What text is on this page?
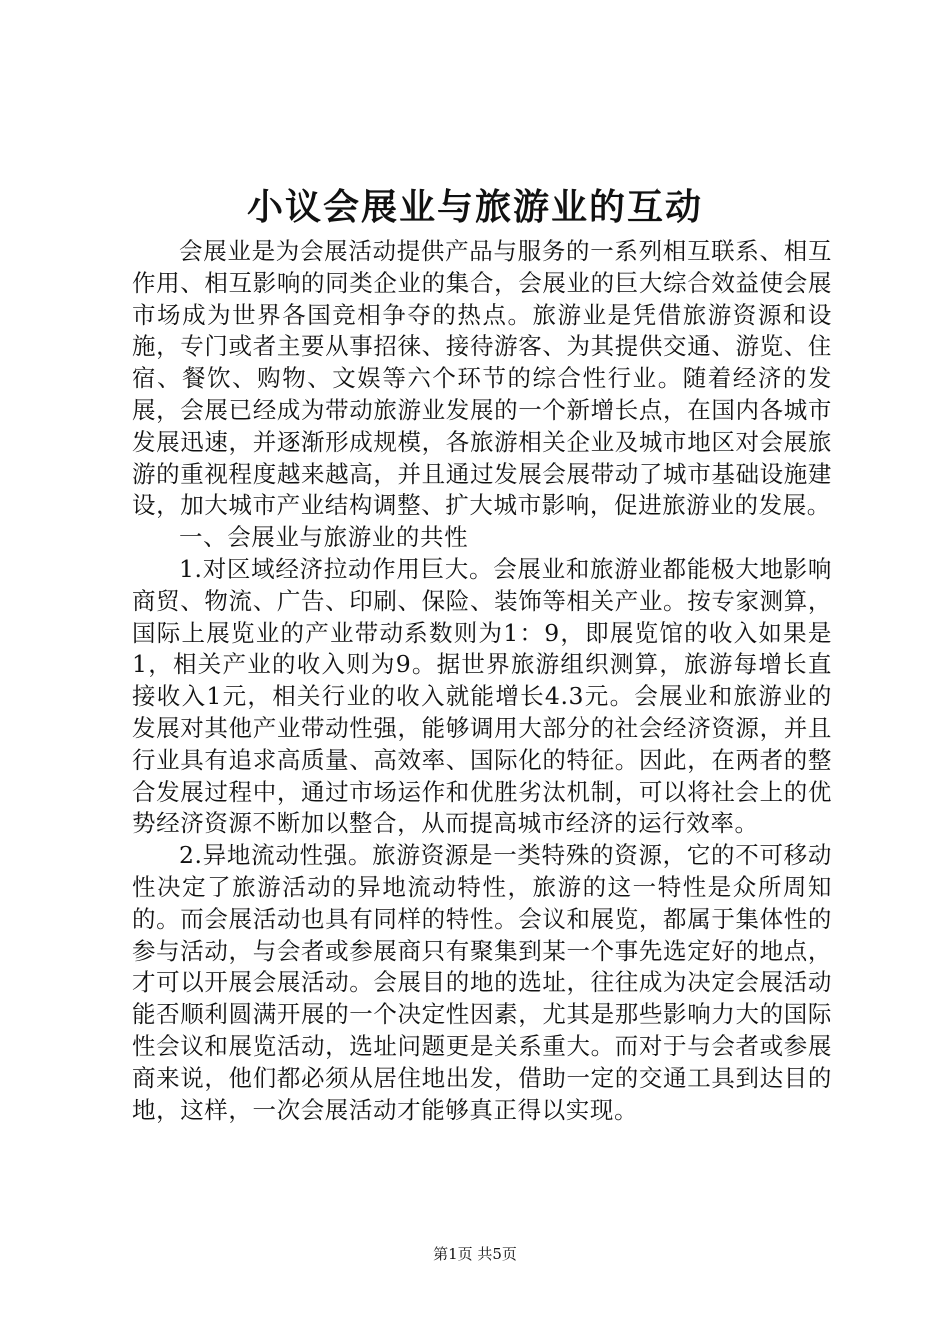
小议会展业与旅游业的互动

会展业是为会展活动提供产品与服务的一系列相互联系、相互作用、相互影响的同类企业的集合，会展业的巨大综合效益使会展市场成为世界各国竞相争夺的热点。旅游业是凭借旅游资源和设施，专门或者主要从事招徕、接待游客、为其提供交通、游览、住宿、餐饮、购物、文娱等六个环节的综合性行业。随着经济的发展，会展已经成为带动旅游业发展的一个新增长点，在国内各城市发展迅速，并逐渐形成规模，各旅游相关企业及城市地区对会展旅游的重视程度越来越高，并且通过发展会展带动了城市基础设施建设，加大城市产业结构调整、扩大城市影响，促进旅游业的发展。

一、会展业与旅游业的共性

1.对区域经济拉动作用巨大。会展业和旅游业都能极大地影响商贸、物流、广告、印刷、保险、装饰等相关产业。按专家测算，国际上展览业的产业带动系数则为1：9，即展览馆的收入如果是1，相关产业的收入则为9。据世界旅游组织测算，旅游每增长直接收入1元，相关行业的收入就能增长4.3元。会展业和旅游业的发展对其他产业带动性强，能够调用大部分的社会经济资源，并且行业具有追求高质量、高效率、国际化的特征。因此，在两者的整合发展过程中，通过市场运作和优胜劣汰机制，可以将社会上的优势经济资源不断加以整合，从而提高城市经济的运行效率。

2.异地流动性强。旅游资源是一类特殊的资源，它的不可移动性决定了旅游活动的异地流动特性，旅游的这一特性是众所周知的。而会展活动也具有同样的特性。会议和展览，都属于集体性的参与活动，与会者或参展商只有聚集到某一个事先选定好的地点，才可以开展会展活动。会展目的地的选址，往往成为决定会展活动能否顺利圆满开展的一个决定性因素，尤其是那些影响力大的国际性会议和展览活动，选址问题更是关系重大。而对于与会者或参展商来说，他们都必须从居住地出发，借助一定的交通工具到达目的地，这样，一次会展活动才能够真正得以实现。

第1页 共5页
